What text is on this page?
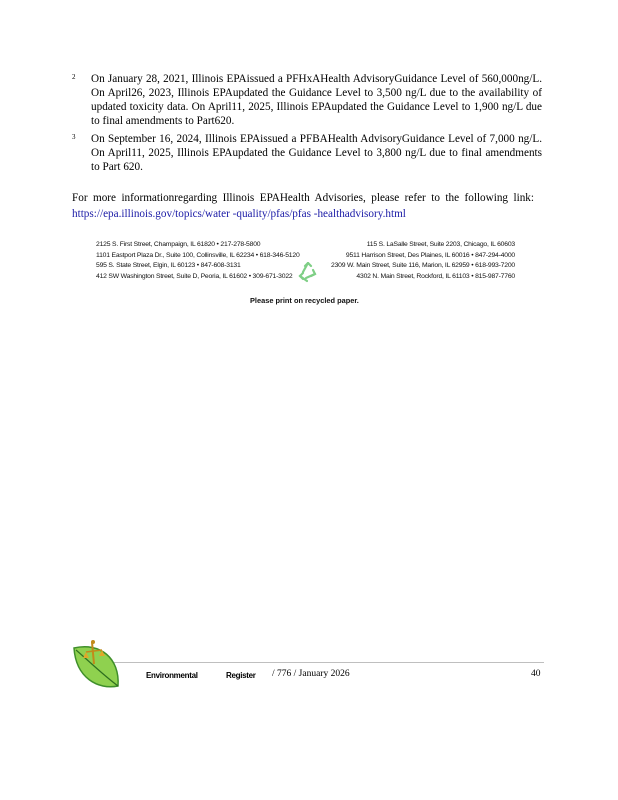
2 On January 28, 2021, Illinois EPAissued a PFHxAHealth AdvisoryGuidance Level of 560,000ng/L. On April26, 2023, Illinois EPAupdated the Guidance Level to 3,500 ng/L due to the availability of updated toxicity data. On April11, 2025, Illinois EPAupdated the Guidance Level to 1,900 ng/L due to final amendments to Part620.
3 On September 16, 2024, Illinois EPAissued a PFBAHealth AdvisoryGuidance Level of 7,000 ng/L. On April11, 2025, Illinois EPAupdated the Guidance Level to 3,800 ng/L due to final amendments to Part 620.
For more informationregarding Illinois EPAHealth Advisories, please refer to the following link: https://epa.illinois.gov/topics/water -quality/pfas/pfas -healthadvisory.html
2125 S. First Street, Champaign, IL 61820 • 217-278-5800
1101 Eastport Plaza Dr., Suite 100, Collinsville, IL 62234 • 618-346-5120
595 S. State Street, Elgin, IL 60123 • 847-608-3131
412 SW Washington Street, Suite D, Peoria, IL 61602 • 309-671-3022
115 S. LaSalle Street, Suite 2203, Chicago, IL 60603
9511 Harrison Street, Des Plaines, IL 60016 • 847-294-4000
2309 W. Main Street, Suite 116, Marion, IL 62959 • 618-993-7200
4302 N. Main Street, Rockford, IL 61103 • 815-987-7760
Please print on recycled paper.
Environmental	Register / 776 / January 2026	40
